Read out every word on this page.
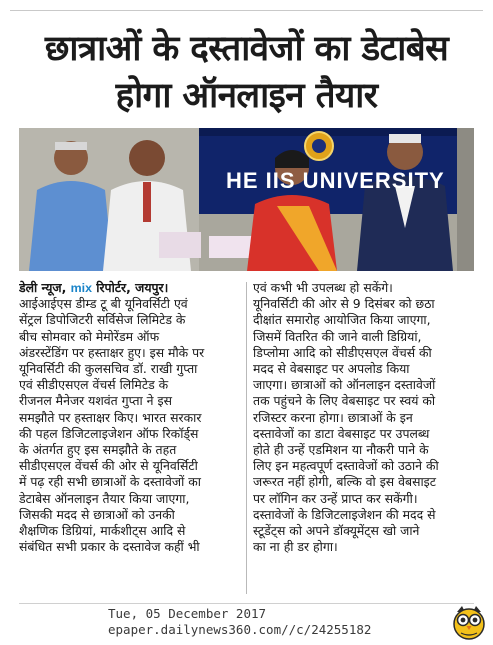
छात्राओं के दस्तावेजों का डेटाबेस
होगा ऑनलाइन तैयार
HE IIS UNIVERSITY
डेली न्यूज, mix रिपोर्टर, जयपुर।
आईआईएस डीम्ड टू बी यूनिवर्सिटी एवं
सेंट्रल डिपोजिटरी सर्विसेज लिमिटेड के
बीच सोमवार को मेमोरेंडम ऑफ
अंडरस्टेंडिंग पर हस्ताक्षर हुए। इस मौके पर
यूनिवर्सिटी की कुलसचिव डॉ. राखी गुप्ता
एवं सीडीएसएल वेंचर्स लिमिटेड के
रीजनल मैनेजर यशवंत गुप्ता ने इस
समझौते पर हस्ताक्षर किए। भारत सरकार
की पहल डिजिटलाइजेशन ऑफ रिकॉर्ड्स
के अंतर्गत हुए इस समझौते के तहत
सीडीएसएल वेंचर्स की ओर से यूनिवर्सिटी
में पढ़ रही सभी छात्राओं के दस्तावेजों का
डेटाबेस ऑनलाइन तैयार किया जाएगा,
जिसकी मदद से छात्राओं को उनकी
शैक्षणिक डिग्रियां, मार्कशीट्स आदि से
संबंधित सभी प्रकार के दस्तावेज कहीं भी
एवं कभी भी उपलब्ध हो सकेंगे।
यूनिवर्सिटी की ओर से 9 दिसंबर को छठा
दीक्षांत समारोह आयोजित किया जाएगा,
जिसमें वितरित की जाने वाली डिग्रियां,
डिप्लोमा आदि को सीडीएसएल वेंचर्स की
मदद से वेबसाइट पर अपलोड किया
जाएगा। छात्राओं को ऑनलाइन दस्तावेजों
तक पहुंचने के लिए वेबसाइट पर स्वयं को
रजिस्टर करना होगा। छात्राओं के इन
दस्तावेजों का डाटा वेबसाइट पर उपलब्ध
होते ही उन्हें एडमिशन या नौकरी पाने के
लिए इन महत्वपूर्ण दस्तावेजों को उठाने की
जरूरत नहीं होगी, बल्कि वो इस वेबसाइट
पर लॉगिन कर उन्हें प्राप्त कर सकेंगी।
दस्तावेजों के डिजिटलाइजेशन की मदद से
स्टूडेंट्स को अपने डॉक्यूमेंट्स खो जाने
का ना ही डर होगा।
Tue, 05 December 2017
epaper.dailynews360.com//c/24255182
